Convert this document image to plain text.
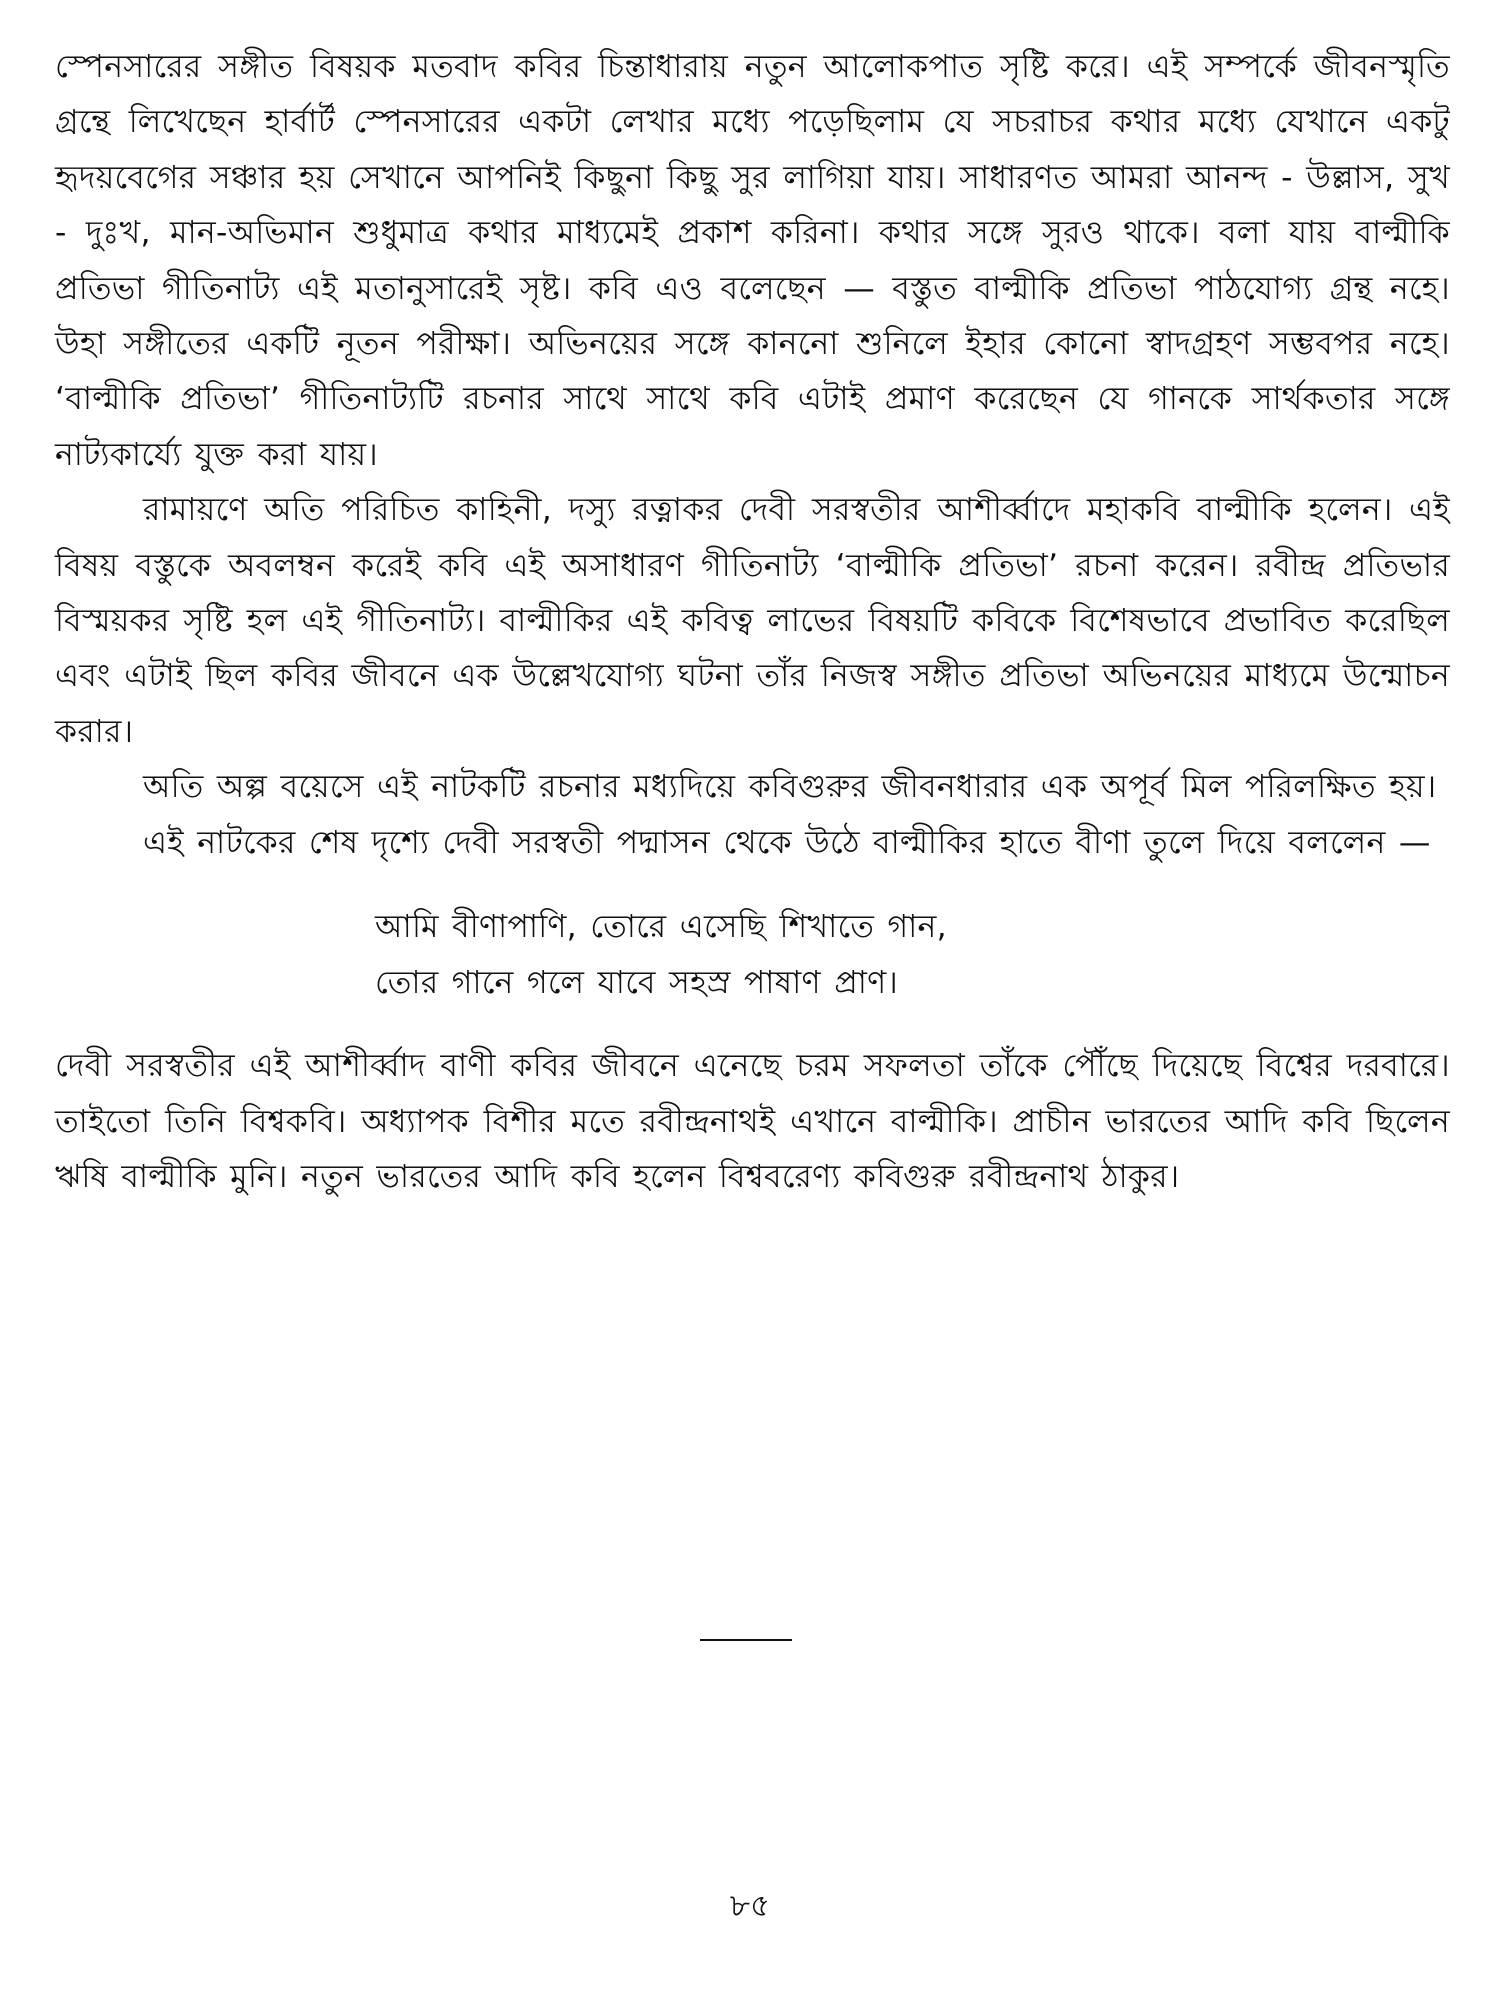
স্পেনসারের সঙ্গীত বিষয়ক মতবাদ কবির চিন্তাধারায় নতুন আলোকপাত সৃষ্টি করে। এই সম্পর্কে জীবনস্মৃতি গ্রন্থে লিখেছেন হার্বার্ট স্পেনসারের একটা লেখার মধ্যে পড়েছিলাম যে সচরাচর কথার মধ্যে যেখানে একটু হৃদয়বেগের সঞ্চার হয় সেখানে আপনিই কিছুনা কিছু সুর লাগিয়া যায়। সাধারণত আমরা আনন্দ - উল্লাস, সুখ - দুঃখ, মান-অভিমান শুধুমাত্র কথার মাধ্যমেই প্রকাশ করিনা। কথার সঙ্গে সুরও থাকে। বলা যায় বাল্মীকি প্রতিভা গীতিনাট্য এই মতানুসারেই সৃষ্ট। কবি এও বলেছেন — বস্তুত বাল্মীকি প্রতিভা পাঠযোগ্য গ্রন্থ নহে। উহা সঙ্গীতের একটি নূতন পরীক্ষা। অভিনয়ের সঙ্গে কাননো শুনিলে ইহার কোনো স্বাদগ্রহণ সম্ভবপর নহে। ‘বাল্মীকি প্রতিভা’ গীতিনাট্যটি রচনার সাথে সাথে কবি এটাই প্রমাণ করেছেন যে গানকে সার্থকতার সঙ্গে নাট্যকার্য্যে যুক্ত করা যায়।

রামায়ণে অতি পরিচিত কাহিনী, দস্যু রত্নাকর দেবী সরস্বতীর আশীর্ব্বাদে মহাকবি বাল্মীকি হলেন। এই বিষয় বস্তুকে অবলম্বন করেই কবি এই অসাধারণ গীতিনাট্য ‘বাল্মীকি প্রতিভা’ রচনা করেন। রবীন্দ্র প্রতিভার বিস্ময়কর সৃষ্টি হল এই গীতিনাট্য। বাল্মীকির এই কবিত্ব লাভের বিষয়টি কবিকে বিশেষভাবে প্রভাবিত করেছিল এবং এটাই ছিল কবির জীবনে এক উল্লেখযোগ্য ঘটনা তাঁর নিজস্ব সঙ্গীত প্রতিভা অভিনয়ের মাধ্যমে উন্মোচন করার।

অতি অল্প বয়েসে এই নাটকটি রচনার মধ্যদিয়ে কবিগুরুর জীবনধারার এক অপূর্ব মিল পরিলক্ষিত হয়।

এই নাটকের শেষ দৃশ্যে দেবী সরস্বতী পদ্মাসন থেকে উঠে বাল্মীকির হাতে বীণা তুলে দিয়ে বললেন —

আমি বীণাপাণি, তোরে এসেছি শিখাতে গান,
তোর গানে গলে যাবে সহস্র পাষাণ প্রাণ।

দেবী সরস্বতীর এই আশীর্ব্বাদ বাণী কবির জীবনে এনেছে চরম সফলতা তাঁকে পৌঁছে দিয়েছে বিশ্বের দরবারে। তাইতো তিনি বিশ্বকবি। অধ্যাপক বিশীর মতে রবীন্দ্রনাথই এখানে বাল্মীকি। প্রাচীন ভারতের আদি কবি ছিলেন ঋষি বাল্মীকি মুনি। নতুন ভারতের আদি কবি হলেন বিশ্ববরেণ্য কবিগুরু রবীন্দ্রনাথ ঠাকুর।

৮৫
